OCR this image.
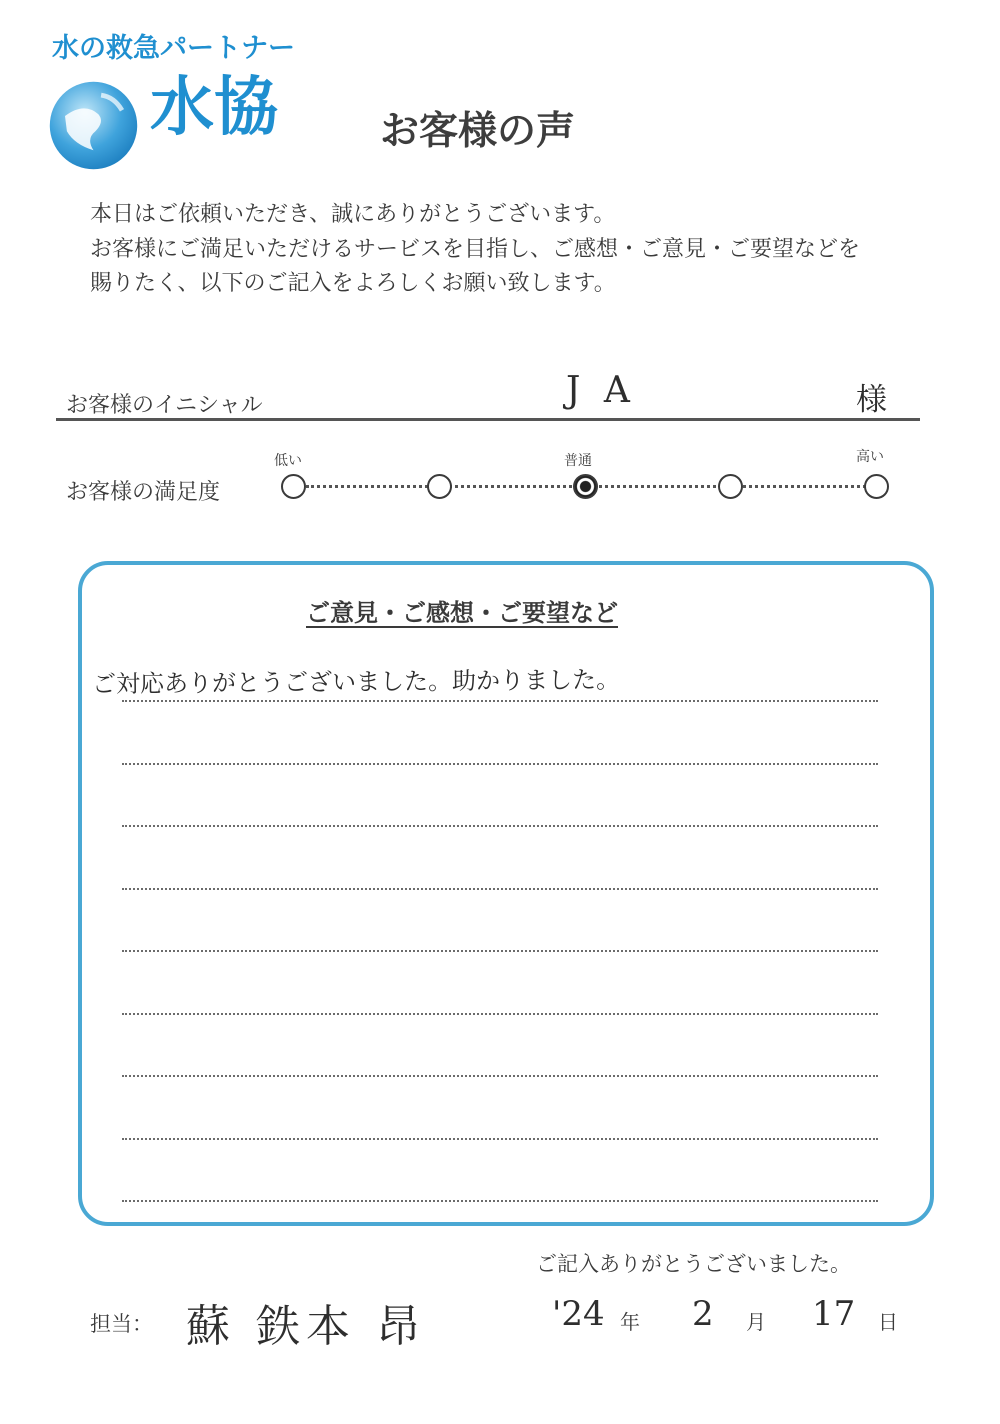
水の救急パートナー
水協	お客様の声
本日はご依頼いただき、誠にありがとうございます。
お客様にご満足いただけるサービスを目指し、ご感想・ご意見・ご要望などを
賜りたく、以下のご記入をよろしくお願い致します。
お客様のイニシャル	J A	様
お客様の満足度
低い	普通	高い
ご意見・ご感想・ご要望など
ご対応ありがとうございました。助かりました。
ご記入ありがとうございました。
担当： 蘇 鉄本 昂	'24 年 2 月 17 日
